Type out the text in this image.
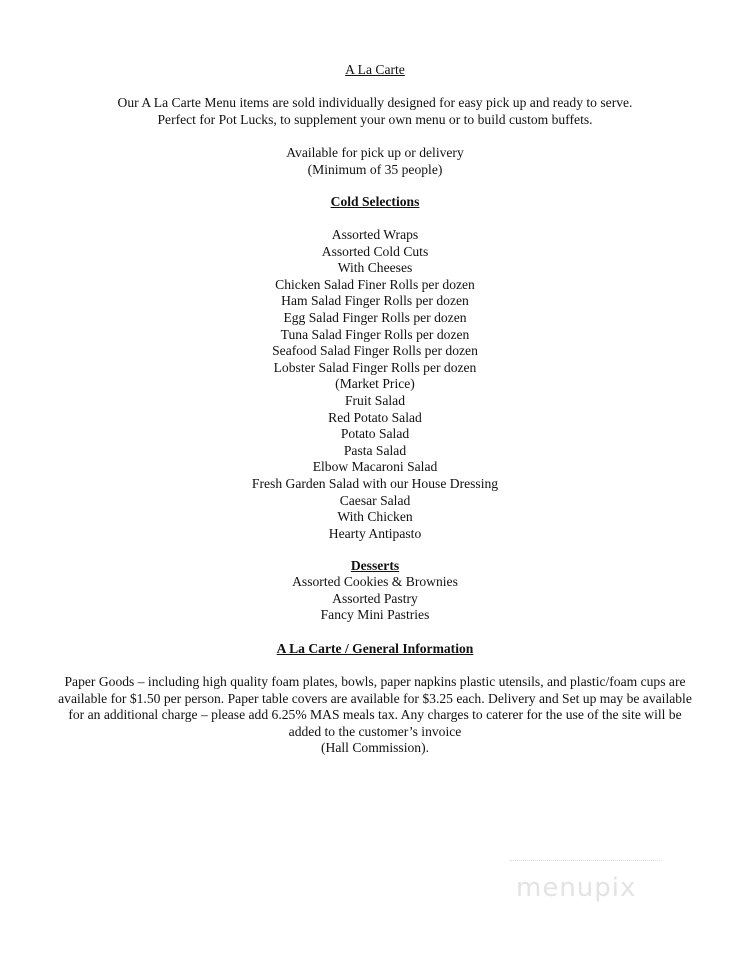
A La Carte

Our A La Carte Menu items are sold individually designed for easy pick up and ready to serve.
Perfect for Pot Lucks, to supplement your own menu or to build custom buffets.

Available for pick up or delivery
(Minimum of 35 people)

Cold Selections

Assorted Wraps
Assorted Cold Cuts
With Cheeses
Chicken Salad Finer Rolls per dozen
Ham Salad Finger Rolls per dozen
Egg Salad Finger Rolls per dozen
Tuna Salad Finger Rolls per dozen
Seafood Salad Finger Rolls per dozen
Lobster Salad Finger Rolls per dozen
(Market Price)
Fruit Salad
Red Potato Salad
Potato Salad
Pasta Salad
Elbow Macaroni Salad
Fresh Garden Salad with our House Dressing
Caesar Salad
With Chicken
Hearty Antipasto

Desserts

Assorted Cookies & Brownies
Assorted Pastry
Fancy Mini Pastries

A La Carte / General Information

Paper Goods – including high quality foam plates, bowls, paper napkins plastic utensils, and plastic/foam cups are
available for $1.50 per person. Paper table covers are available for $3.25 each. Delivery and Set up may be available
for an additional charge – please add 6.25% MAS meals tax. Any charges to caterer for the use of the site will be
added to the customer’s invoice
(Hall Commission).

menupix
